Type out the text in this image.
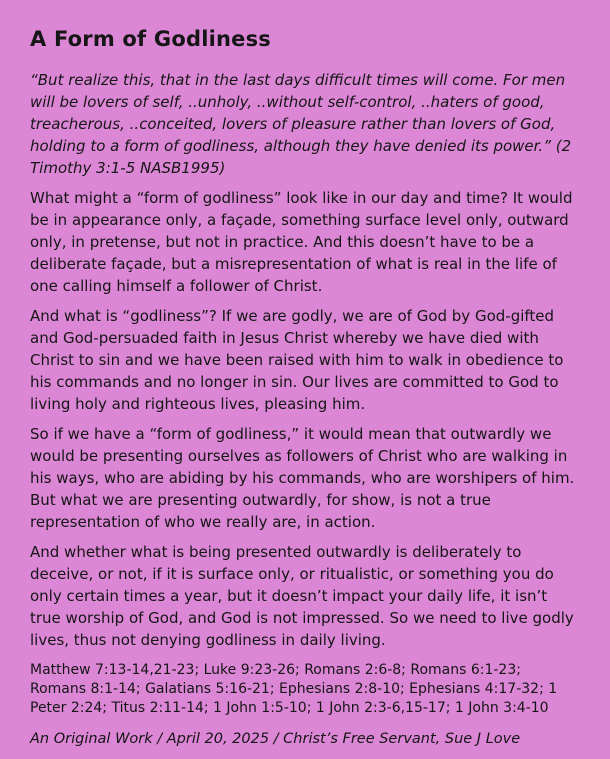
A Form of Godliness

“But realize this, that in the last days difficult times will come. For men will be lovers of self, ..unholy, ..without self-control, ..haters of good, treacherous, ..conceited, lovers of pleasure rather than lovers of God, holding to a form of godliness, although they have denied its power.” (2 Timothy 3:1-5 NASB1995)

What might a “form of godliness” look like in our day and time? It would be in appearance only, a façade, something surface level only, outward only, in pretense, but not in practice. And this doesn’t have to be a deliberate façade, but a misrepresentation of what is real in the life of one calling himself a follower of Christ.

And what is “godliness”? If we are godly, we are of God by God-gifted and God-persuaded faith in Jesus Christ whereby we have died with Christ to sin and we have been raised with him to walk in obedience to his commands and no longer in sin. Our lives are committed to God to living holy and righteous lives, pleasing him.

So if we have a “form of godliness,” it would mean that outwardly we would be presenting ourselves as followers of Christ who are walking in his ways, who are abiding by his commands, who are worshipers of him. But what we are presenting outwardly, for show, is not a true representation of who we really are, in action.

And whether what is being presented outwardly is deliberately to deceive, or not, if it is surface only, or ritualistic, or something you do only certain times a year, but it doesn’t impact your daily life, it isn’t true worship of God, and God is not impressed. So we need to live godly lives, thus not denying godliness in daily living.

Matthew 7:13-14,21-23; Luke 9:23-26; Romans 2:6-8; Romans 6:1-23; Romans 8:1-14; Galatians 5:16-21; Ephesians 2:8-10; Ephesians 4:17-32; 1 Peter 2:24; Titus 2:11-14; 1 John 1:5-10; 1 John 2:3-6,15-17; 1 John 3:4-10

An Original Work / April 20, 2025 / Christ’s Free Servant, Sue J Love
